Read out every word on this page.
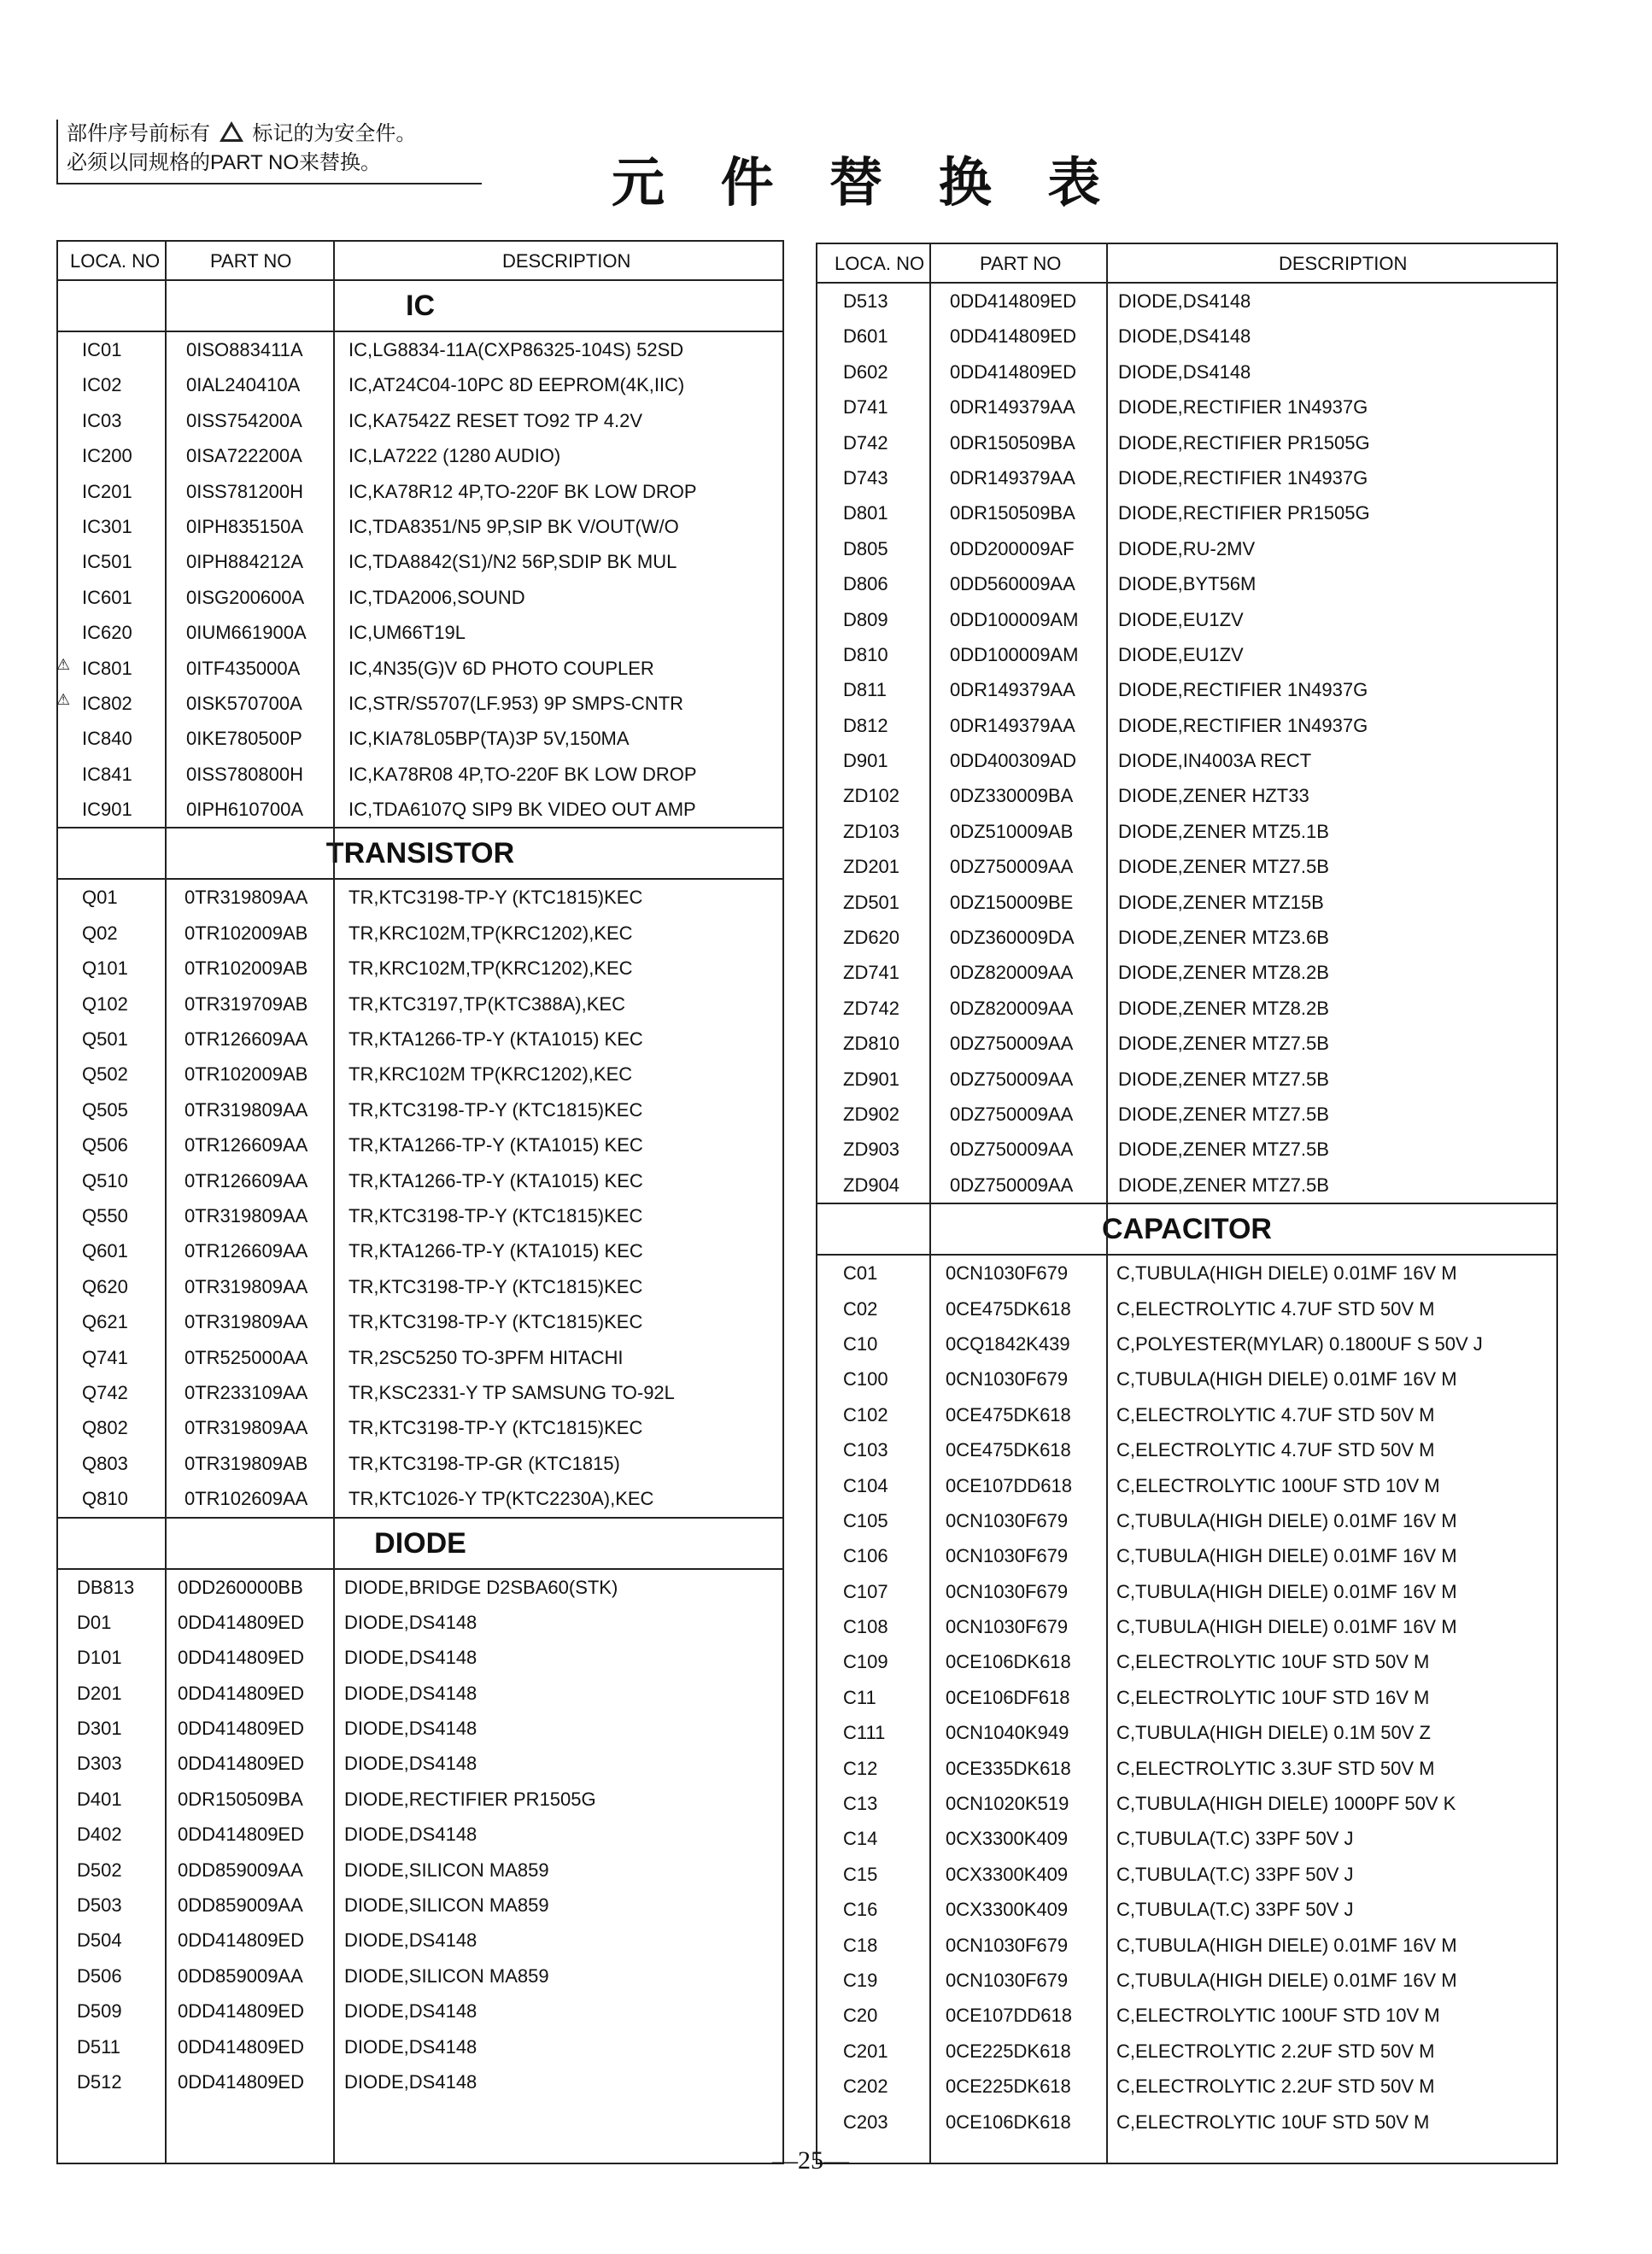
部件序号前标有 标记的为安全件。
必须以同规格的PART NO来替换。	元 件 替 换 表
LOCA. NO	PART NO	DESCRIPTION
IC
IC01	0ISO883411A IC,LG8834-11A(CXP86325-104S) 52SD
IC02	0IAL240410A	IC,AT24C04-10PC 8D EEPROM(4K,IIC)
IC03	0ISS754200A IC,KA7542Z RESET TO92 TP 4.2V
IC200	0ISA722200A IC,LA7222 (1280 AUDIO)
IC201	0ISS781200H IC,KA78R12 4P,TO-220F BK LOW DROP
IC301	0IPH835150A IC,TDA8351/N5 9P,SIP BK V/OUT(W/O
IC501	0IPH884212A IC,TDA8842(S1)/N2 56P,SDIP BK MUL
IC601	0ISG200600A IC,TDA2006,SOUND
IC620	0IUM661900A IC,UM66T19L
⚠ IC801	0ITF435000A	IC,4N35(G)V 6D PHOTO COUPLER
⚠ IC802	0ISK570700A IC,STR/S5707(LF.953) 9P SMPS-CNTR
IC840	0IKE780500P IC,KIA78L05BP(TA)3P 5V,150MA
IC841	0ISS780800H IC,KA78R08 4P,TO-220F BK LOW DROP
IC901	0IPH610700A IC,TDA6107Q SIP9 BK VIDEO OUT AMP
TRANSISTOR
Q01	0TR319809AA TR,KTC3198-TP-Y (KTC1815)KEC
Q02	0TR102009AB TR,KRC102M,TP(KRC1202),KEC
Q101	0TR102009AB TR,KRC102M,TP(KRC1202),KEC
Q102	0TR319709AB TR,KTC3197,TP(KTC388A),KEC
Q501	0TR126609AA TR,KTA1266-TP-Y (KTA1015) KEC
Q502	0TR102009AB TR,KRC102M TP(KRC1202),KEC
Q505	0TR319809AA TR,KTC3198-TP-Y (KTC1815)KEC
Q506	0TR126609AA TR,KTA1266-TP-Y (KTA1015) KEC
Q510	0TR126609AA TR,KTA1266-TP-Y (KTA1015) KEC
Q550	0TR319809AA TR,KTC3198-TP-Y (KTC1815)KEC
Q601	0TR126609AA TR,KTA1266-TP-Y (KTA1015) KEC
Q620	0TR319809AA TR,KTC3198-TP-Y (KTC1815)KEC
Q621	0TR319809AA TR,KTC3198-TP-Y (KTC1815)KEC
Q741	0TR525000AA TR,2SC5250 TO-3PFM HITACHI
Q742	0TR233109AA TR,KSC2331-Y TP SAMSUNG TO-92L
Q802	0TR319809AA TR,KTC3198-TP-Y (KTC1815)KEC
Q803	0TR319809AB TR,KTC3198-TP-GR (KTC1815)
Q810	0TR102609AA TR,KTC1026-Y TP(KTC2230A),KEC
DIODE
DB813 0DD260000BB DIODE,BRIDGE D2SBA60(STK)
D01	0DD414809ED DIODE,DS4148
D101	0DD414809ED DIODE,DS4148
D201	0DD414809ED DIODE,DS4148
D301	0DD414809ED DIODE,DS4148
D303	0DD414809ED DIODE,DS4148
D401	0DR150509BA DIODE,RECTIFIER PR1505G
D402	0DD414809ED DIODE,DS4148
D502	0DD859009AA DIODE,SILICON MA859
D503	0DD859009AA DIODE,SILICON MA859
D504	0DD414809ED DIODE,DS4148
D506	0DD859009AA DIODE,SILICON MA859
D509	0DD414809ED DIODE,DS4148
D511	0DD414809ED DIODE,DS4148
D512	0DD414809ED DIODE,DS4148
LOCA. NO	PART NO	DESCRIPTION
D513	0DD414809ED DIODE,DS4148
D601	0DD414809ED DIODE,DS4148
D602	0DD414809ED DIODE,DS4148
D741	0DR149379AA DIODE,RECTIFIER 1N4937G
D742	0DR150509BA DIODE,RECTIFIER PR1505G
D743	0DR149379AA DIODE,RECTIFIER 1N4937G
D801	0DR150509BA DIODE,RECTIFIER PR1505G
D805	0DD200009AF DIODE,RU-2MV
D806	0DD560009AA DIODE,BYT56M
D809	0DD100009AM DIODE,EU1ZV
D810	0DD100009AM DIODE,EU1ZV
D811	0DR149379AA DIODE,RECTIFIER 1N4937G
D812	0DR149379AA DIODE,RECTIFIER 1N4937G
D901	0DD400309AD DIODE,IN4003A RECT
ZD102	0DZ330009BA DIODE,ZENER HZT33
ZD103	0DZ510009AB DIODE,ZENER MTZ5.1B
ZD201	0DZ750009AA DIODE,ZENER MTZ7.5B
ZD501	0DZ150009BE DIODE,ZENER MTZ15B
ZD620	0DZ360009DA DIODE,ZENER MTZ3.6B
ZD741	0DZ820009AA DIODE,ZENER MTZ8.2B
ZD742	0DZ820009AA DIODE,ZENER MTZ8.2B
ZD810	0DZ750009AA DIODE,ZENER MTZ7.5B
ZD901	0DZ750009AA DIODE,ZENER MTZ7.5B
ZD902	0DZ750009AA DIODE,ZENER MTZ7.5B
ZD903	0DZ750009AA DIODE,ZENER MTZ7.5B
ZD904	0DZ750009AA DIODE,ZENER MTZ7.5B
CAPACITOR
C01	0CN1030F679	C,TUBULA(HIGH DIELE) 0.01MF 16V M
C02	0CE475DK618 C,ELECTROLYTIC 4.7UF STD 50V M
C10	0CQ1842K439 C,POLYESTER(MYLAR) 0.1800UF S 50V J
C100	0CN1030F679	C,TUBULA(HIGH DIELE) 0.01MF 16V M
C102	0CE475DK618 C,ELECTROLYTIC 4.7UF STD 50V M
C103	0CE475DK618 C,ELECTROLYTIC 4.7UF STD 50V M
C104	0CE107DD618 C,ELECTROLYTIC 100UF STD 10V M
C105	0CN1030F679	C,TUBULA(HIGH DIELE) 0.01MF 16V M
C106	0CN1030F679	C,TUBULA(HIGH DIELE) 0.01MF 16V M
C107	0CN1030F679	C,TUBULA(HIGH DIELE) 0.01MF 16V M
C108	0CN1030F679	C,TUBULA(HIGH DIELE) 0.01MF 16V M
C109	0CE106DK618 C,ELECTROLYTIC 10UF STD 50V M
C11	0CE106DF618 C,ELECTROLYTIC 10UF STD 16V M
C111	0CN1040K949	C,TUBULA(HIGH DIELE) 0.1M 50V Z
C12	0CE335DK618 C,ELECTROLYTIC 3.3UF STD 50V M
C13	0CN1020K519	C,TUBULA(HIGH DIELE) 1000PF 50V K
C14	0CX3300K409	C,TUBULA(T.C) 33PF 50V J
C15	0CX3300K409	C,TUBULA(T.C) 33PF 50V J
C16	0CX3300K409	C,TUBULA(T.C) 33PF 50V J
C18	0CN1030F679	C,TUBULA(HIGH DIELE) 0.01MF 16V M
C19	0CN1030F679	C,TUBULA(HIGH DIELE) 0.01MF 16V M
C20	0CE107DD618 C,ELECTROLYTIC 100UF STD 10V M
C201	0CE225DK618 C,ELECTROLYTIC 2.2UF STD 50V M
C202	0CE225DK618 C,ELECTROLYTIC 2.2UF STD 50V M
C203	0CE106DK618 C,ELECTROLYTIC 10UF STD 50V M
—25—
